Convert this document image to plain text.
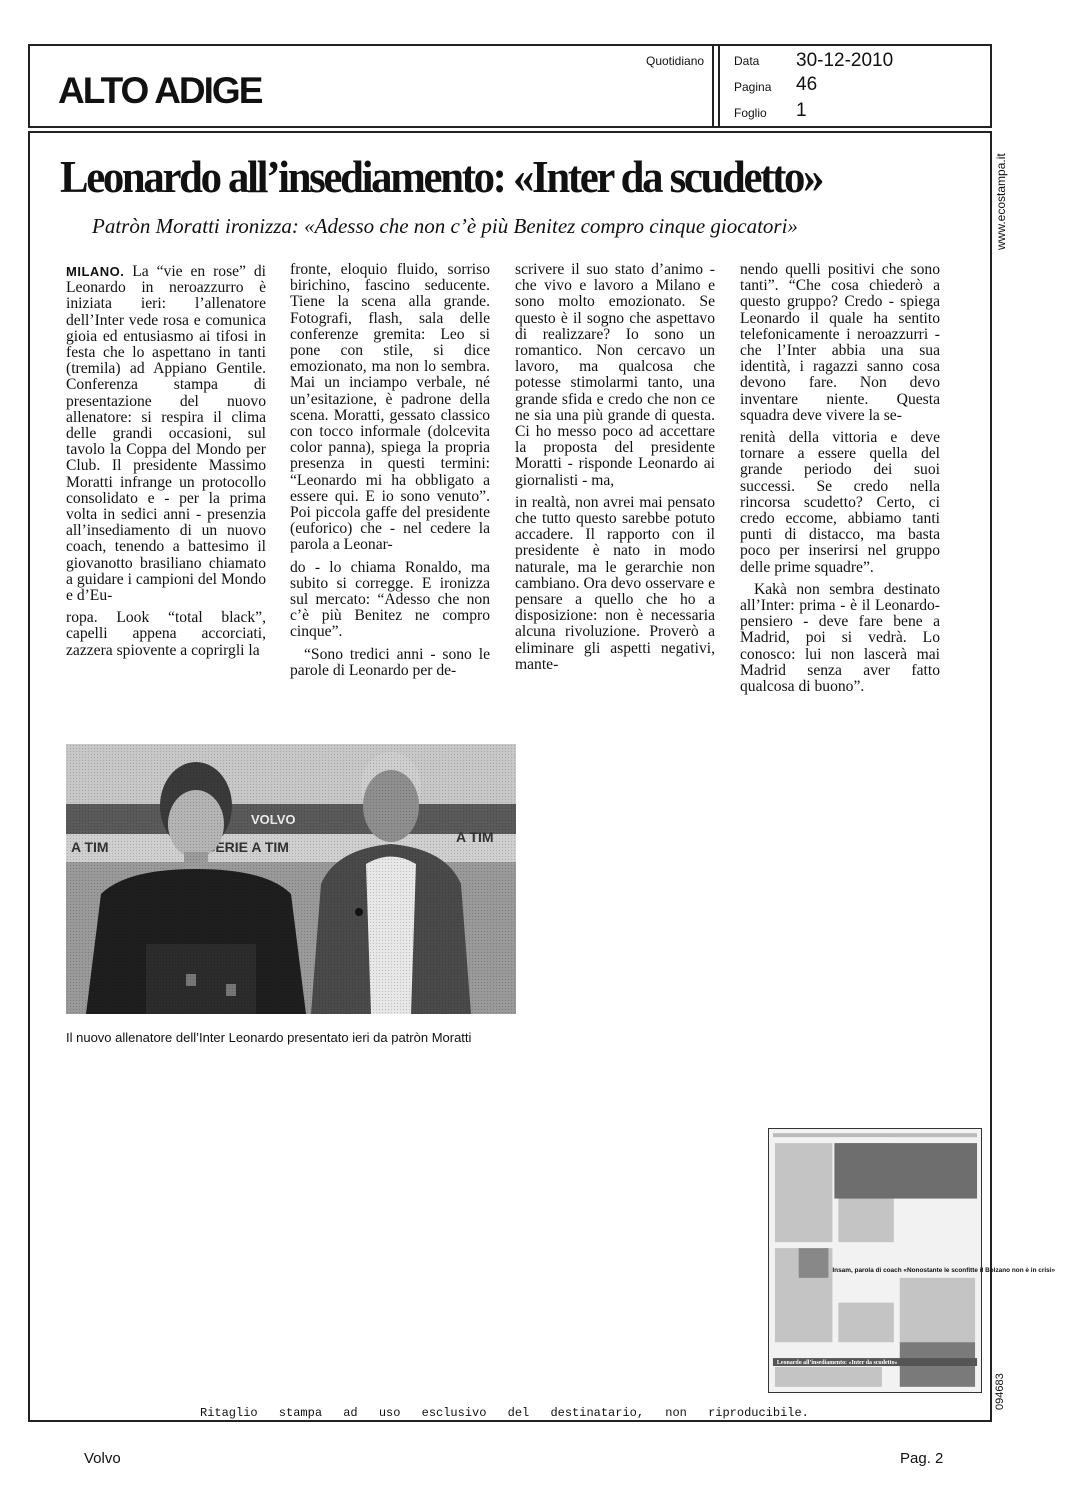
ALTO ADIGE
Quotidiano Data 30-12-2010
Pagina 46
Foglio 1
www.ecostampa.it
094683
Leonardo all’insediamento: «Inter da scudetto»
Patròn Moratti ironizza: «Adesso che non c’è più Benitez compro cinque giocatori»

MILANO. La “vie en rose” di Leonardo in neroazzurro è iniziata ieri: l’allenatore dell’Inter vede rosa e comunica gioia ed entusiasmo ai tifosi in festa che lo aspettano in tanti (tremila) ad Appiano Gentile. Conferenza stampa di presentazione del nuovo allenatore: si respira il clima delle grandi occasioni, sul tavolo la Coppa del Mondo per Club. Il presidente Massimo Moratti infrange un protocollo consolidato e - per la prima volta in sedici anni - presenzia all’insediamento di un nuovo coach, tenendo a battesimo il giovanotto brasiliano chiamato a guidare i campioni del Mondo e d’Eu-

ropa. Look “total black”, capelli appena accorciati, zazzera spiovente a coprirgli la

fronte, eloquio fluido, sorriso birichino, fascino seducente. Tiene la scena alla grande. Fotografi, flash, sala delle conferenze gremita: Leo si pone con stile, si dice emozionato, ma non lo sembra. Mai un inciampo verbale, né un’esitazione, è padrone della scena. Moratti, gessato classico con tocco informale (dolcevita color panna), spiega la propria presenza in questi termini: “Leonardo mi ha obbligato a essere qui. E io sono venuto”. Poi piccola gaffe del presidente (euforico) che - nel cedere la parola a Leonar-

do - lo chiama Ronaldo, ma subito si corregge. E ironizza sul mercato: “Adesso che non c’è più Benitez ne compro cinque”.

“Sono tredici anni - sono le parole di Leonardo per de-

scrivere il suo stato d’animo - che vivo e lavoro a Milano e sono molto emozionato. Se questo è il sogno che aspettavo di realizzare? Io sono un romantico. Non cercavo un lavoro, ma qualcosa che potesse stimolarmi tanto, una grande sfida e credo che non ce ne sia una più grande di questa. Ci ho messo poco ad accettare la proposta del presidente Moratti - risponde Leonardo ai giornalisti - ma,

in realtà, non avrei mai pensato che tutto questo sarebbe potuto accadere. Il rapporto con il presidente è nato in modo naturale, ma le gerarchie non cambiano. Ora devo osservare e pensare a quello che ho a disposizione: non è necessaria alcuna rivoluzione. Proverò a eliminare gli aspetti negativi, mante-

nendo quelli positivi che sono tanti”. “Che cosa chiederò a questo gruppo? Credo - spiega Leonardo il quale ha sentito telefonicamente i neroazzurri - che l’Inter abbia una sua identità, i ragazzi sanno cosa devono fare. Non devo inventare niente. Questa squadra deve vivere la se-

renità della vittoria e deve tornare a essere quella del grande periodo dei suoi successi. Se credo nella rincorsa scudetto? Certo, ci credo eccome, abbiamo tanti punti di distacco, ma basta poco per inserirsi nel gruppo delle prime squadre”.

Kakà non sembra destinato all’Inter: prima - è il Leonardo-pensiero - deve fare bene a Madrid, poi si vedrà. Lo conosco: lui non lascerà mai Madrid senza aver fatto qualcosa di buono”.

Il nuovo allenatore dell’Inter Leonardo presentato ieri da patròn Moratti
Insam, parola di coach «Nonostante le sconfitte il Bolzano non è in crisi»
Leonardo all’insediamento: «Inter da scudetto»
Ritaglio stampa ad uso esclusivo del destinatario, non riproducibile.
Volvo	Pag. 2
